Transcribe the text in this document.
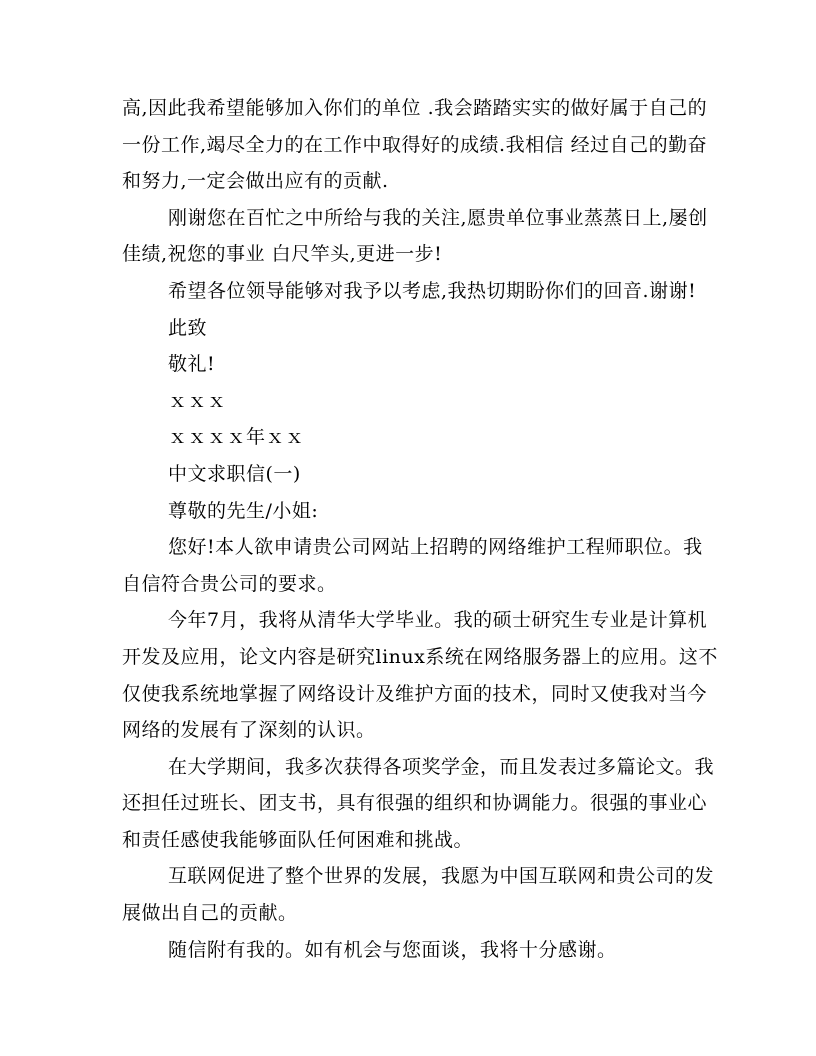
高,因此我希望能够加入你们的单位 .我会踏踏实实的做好属于自己的
一份工作,竭尽全力的在工作中取得好的成绩.我相信 经过自己的勤奋
和努力,一定会做出应有的贡献.

刚谢您在百忙之中所给与我的关注,愿贵单位事业蒸蒸日上,屡创
佳绩,祝您的事业 白尺竿头,更进一步!

希望各位领导能够对我予以考虑,我热切期盼你们的回音.谢谢!

此致

敬礼!

ｘｘｘ

ｘｘｘｘ年ｘｘ

中文求职信(一)

尊敬的先生/小姐:

您好!本人欲申请贵公司网站上招聘的网络维护工程师职位。我
自信符合贵公司的要求。

今年7月，我将从清华大学毕业。我的硕士研究生专业是计算机
开发及应用，论文内容是研究linux系统在网络服务器上的应用。这不
仅使我系统地掌握了网络设计及维护方面的技术，同时又使我对当今
网络的发展有了深刻的认识。

在大学期间，我多次获得各项奖学金，而且发表过多篇论文。我
还担任过班长、团支书，具有很强的组织和协调能力。很强的事业心
和责任感使我能够面队任何困难和挑战。

互联网促进了整个世界的发展，我愿为中国互联网和贵公司的发
展做出自己的贡献。

随信附有我的。如有机会与您面谈，我将十分感谢。
